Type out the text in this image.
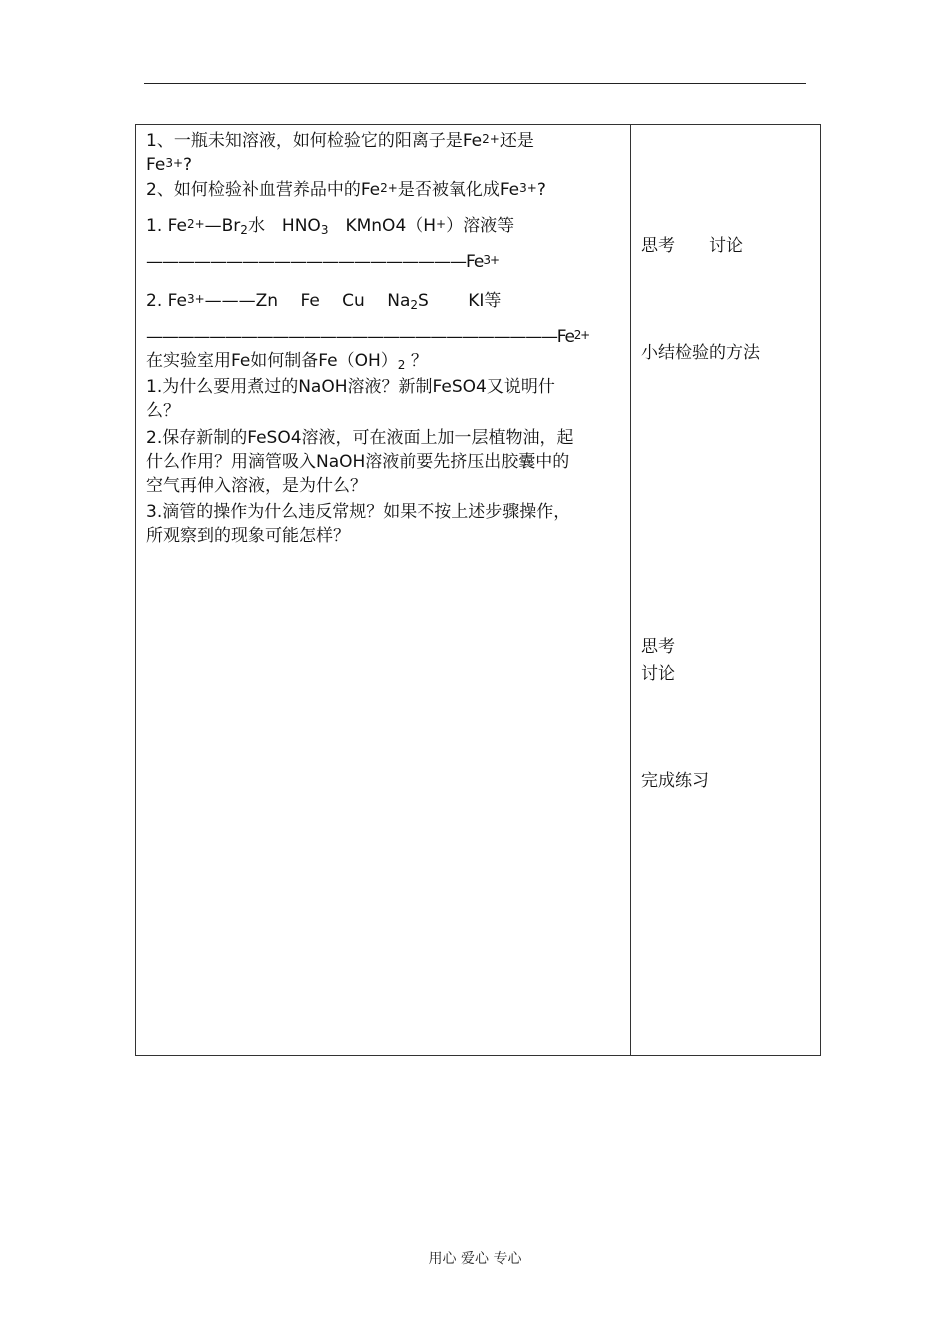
1、一瓶未知溶液，如何检验它的阳离子是$Fe^{2+}$还是
$Fe^{3+}$?
2、如何检验补血营养品中的$Fe^{2+}$是否被氧化成$Fe^{3+}$?
1. $Fe^{2+}—Br_2$水　$HNO_3$　KMnO4（H+）溶液等
$————————————————————Fe^{3+}$
2. $Fe^{3+}———Zn$　 Fe　 Cu　 $Na_2S$　　 KI等
$——————————————————————————Fe^{2+}$
在实验室用Fe如何制备$Fe(OH)_2$ ？
1.为什么要用煮过的NaOH溶液？新制FeSO4又说明什
么？
2.保存新制的FeSO4溶液，可在液面上加一层植物油，起
什么作用？用滴管吸入NaOH溶液前要先挤压出胶囊中的
空气再伸入溶液，是为什么？
3.滴管的操作为什么违反常规？如果不按上述步骤操作，
所观察到的现象可能怎样？
思考　　讨论
小结检验的方法
思考
讨论
完成练习
用心 爱心 专心
